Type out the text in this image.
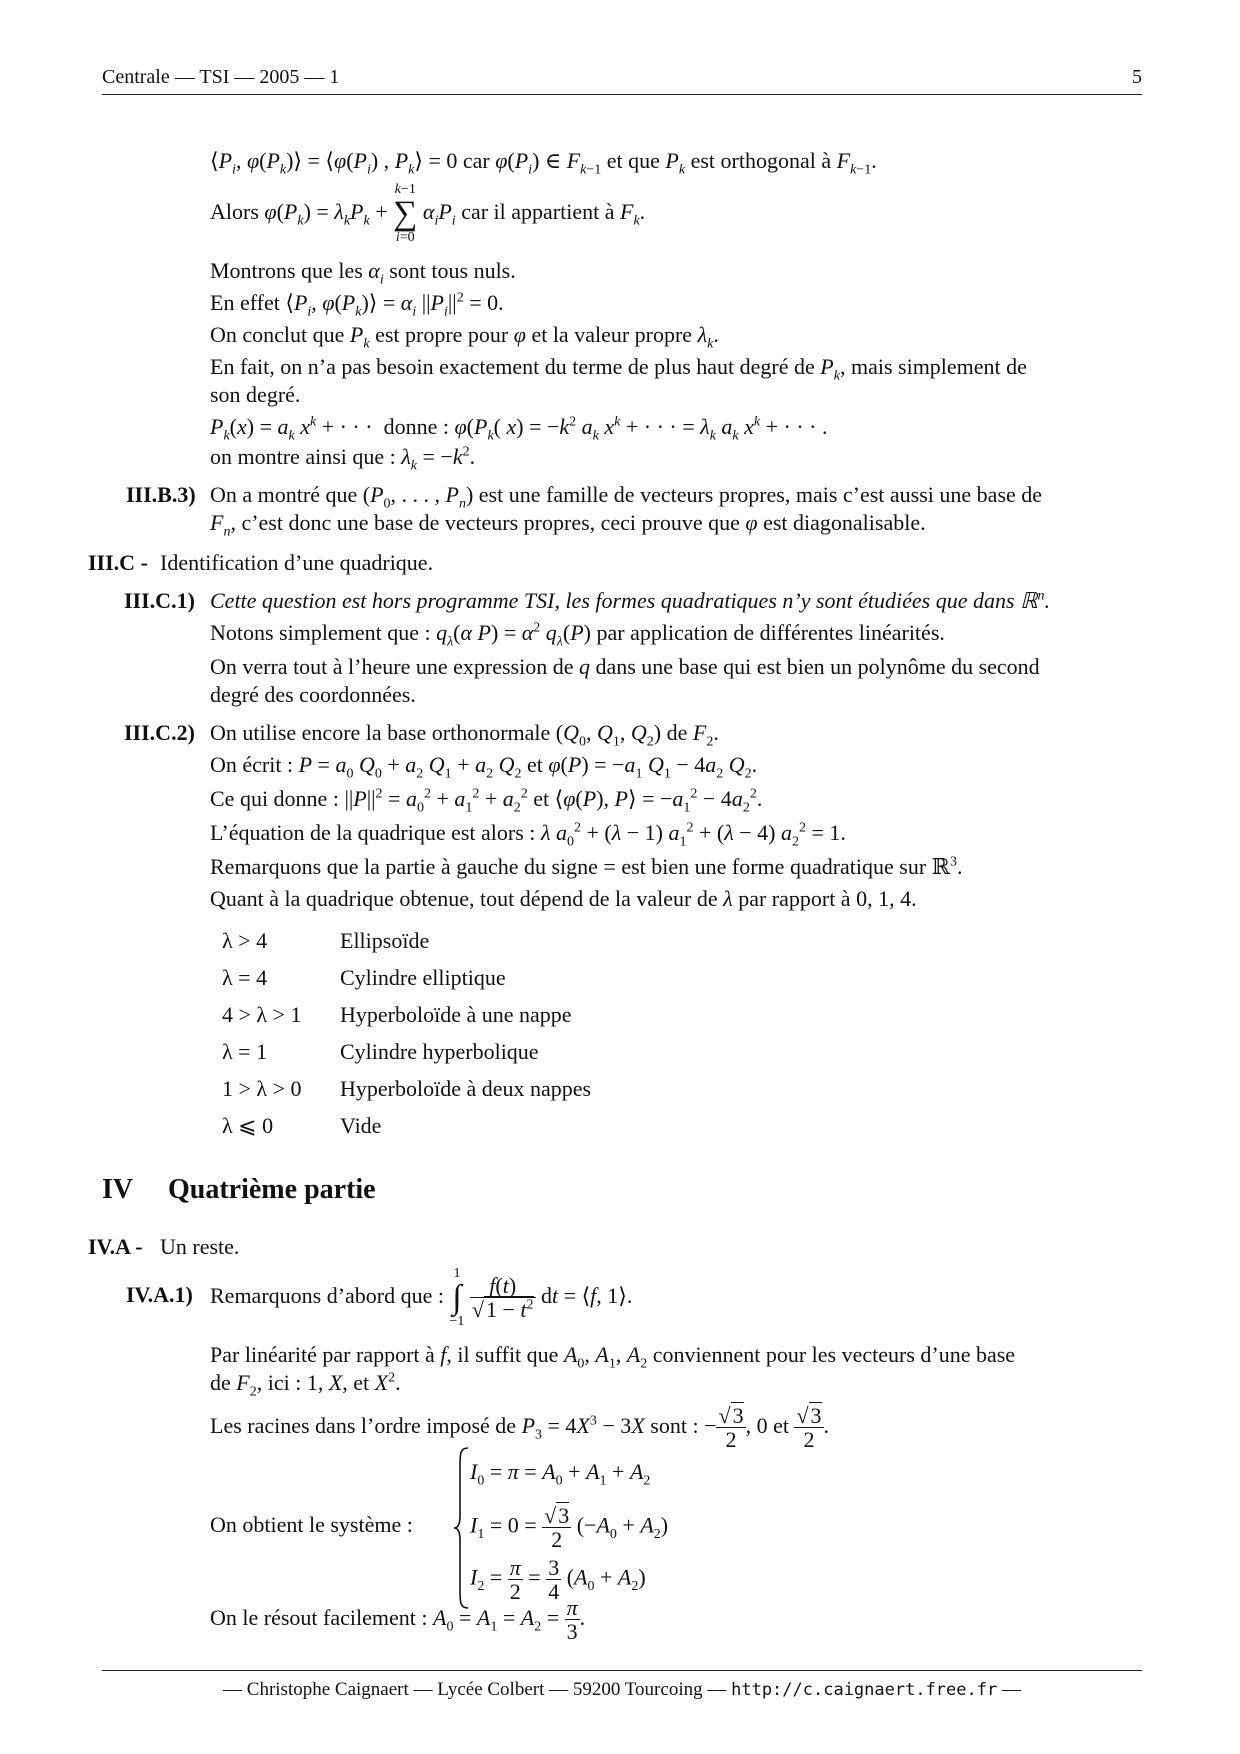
Centrale — TSI — 2005 — 1	5
$⟨P_i$, $\varphi(P_k)⟩$ = $⟨\varphi(P_i)$ , $P_k⟩ = 0$ car $\varphi(P_i)$ ∈ $F_{k-1}$ et que $P_k$ est orthogonal à $F_{k-1}$.
Alors $\varphi(P_k) = \lambda_kP_k$ +
k−1
∑
i=0
$\alpha_iP_i$ car il appartient à $F_k$.
Montrons que les $\alpha_i$ sont tous nuls.
En effet $⟨P_i$, $\varphi(P_k)⟩ = \alpha_i$ $||P_i||^2 = 0$.
On conclut que $P_k$ est propre pour φ et la valeur propre $\lambda_k$.
En fait, on n’a pas besoin exactement du terme de plus haut degré de $P_k$, mais simplement de
son degré.
$P_k(x) = a_k$ $x^k$ + · · ·  donne : $\varphi(P_k$( $x) = -k^2$ $a_k$ $x^k$ + · · · = $\lambda_k$ $a_k$ $x^k$ + · · · .
on montre ainsi que : $\lambda_k = -k^2$.
III.B.3) On a montré que ($P_0$, . . . , $P_n$) est une famille de vecteurs propres, mais c’est aussi une base de
$F_n$, c’est donc une base de vecteurs propres, ceci prouve que φ est diagonalisable.
III.C - Identification d’une quadrique.
III.C.1) Cette question est hors programme TSI, les formes quadratiques n’y sont étudiées que dans ℝ$^n$.
Notons simplement que : $q_\lambda(\alpha$ $P) = \alpha^2$ $q_\lambda(P)$ par application de différentes linéarités.
On verra tout à l’heure une expression de q dans une base qui est bien un polynôme du second
degré des coordonnées.
III.C.2) On utilise encore la base orthonormale ($Q_0$, $Q_1$, $Q_2$) de $F_2$.
On écrit : $P = a_0$ $Q_0 + a_2$ $Q_1 + a_2$ $Q_2$ et $\varphi(P) = -a_1$ $Q_1 - 4a_2$ $Q_2$.
Ce qui donne : $||P||^2 = a_0^2 + a_1^2 + a_2^2$ et ⟨φ(P), P⟩ = $-a_1^2 - 4a_2^2$.
L’équation de la quadrique est alors : λ $a_0^2 + (\lambda - 1) a_1^2 + (\lambda - 4) a_2^2 = 1$.
Remarquons que la partie à gauche du signe = est bien une forme quadratique sur ℝ$^3$.
Quant à la quadrique obtenue, tout dépend de la valeur de λ par rapport à 0, 1, 4.
λ > 4	Ellipsoïde
λ = 4	Cylindre elliptique
4 > λ > 1	Hyperboloïde à une nappe
λ = 1	Cylindre hyperbolique
1 > λ > 0	Hyperboloïde à deux nappes
λ ⩽ 0	Vide
IV Quatrième partie
IV.A - Un reste.
IV.A.1) Remarquons d’abord que :
1
∫
−1
$\frac{f(t)}{√1 - t^2}$ dt = ⟨f, 1⟩.
Par linéarité par rapport à f, il suffit que $A_0$, $A_1$, $A_2$ conviennent pour les vecteurs d’une base
de $F_2$, ici : 1, X, et $X^2$.
Les racines dans l’ordre imposé de $P_3 = 4X^3 - 3X$ sont : − $\frac{√3}{2}$ , 0 et $\frac{√3}{2}$ .
On obtient le système :
$I_0 = \pi = A_0 + A_1 + A_2$
$I_1 = 0 = \frac{√3}{2} (-A_0 + A_2)$
$I_2 = \frac{\pi}{2} = \frac{3}{4} (A_0 + A_2)$
On le résout facilement : $A_0 = A_1 = A_2 = \frac{\pi}{3}$ .
— Christophe Caignaert — Lycée Colbert — 59200 Tourcoing — http://c.caignaert.free.fr —
